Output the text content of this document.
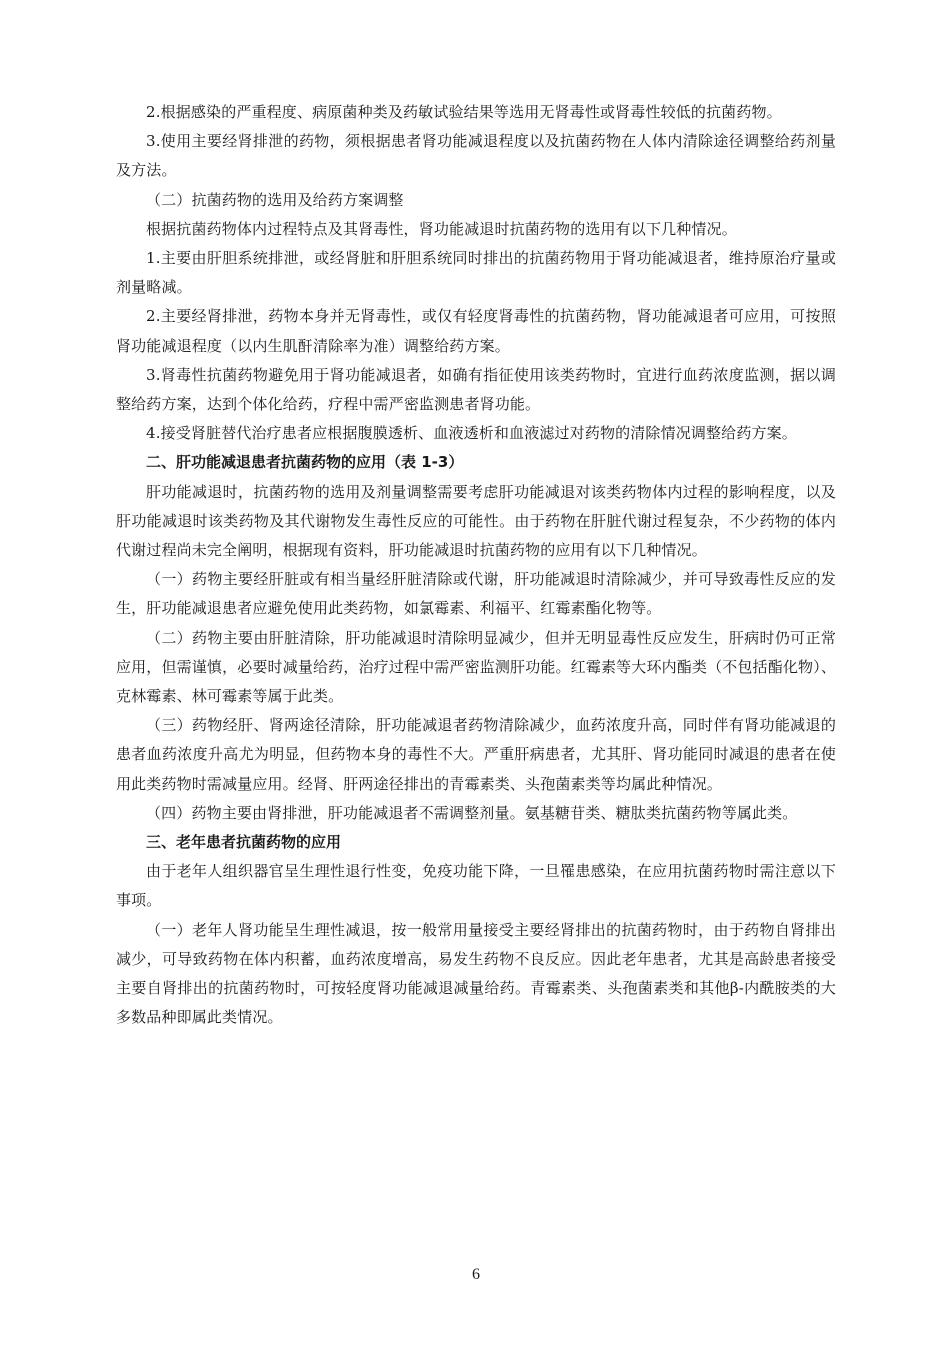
2.根据感染的严重程度、病原菌种类及药敏试验结果等选用无肾毒性或肾毒性较低的抗菌药物。

3.使用主要经肾排泄的药物，须根据患者肾功能减退程度以及抗菌药物在人体内清除途径调整给药剂量及方法。

（二）抗菌药物的选用及给药方案调整

根据抗菌药物体内过程特点及其肾毒性，肾功能减退时抗菌药物的选用有以下几种情况。

1.主要由肝胆系统排泄，或经肾脏和肝胆系统同时排出的抗菌药物用于肾功能减退者，维持原治疗量或剂量略减。

2.主要经肾排泄，药物本身并无肾毒性，或仅有轻度肾毒性的抗菌药物，肾功能减退者可应用，可按照肾功能减退程度（以内生肌酐清除率为准）调整给药方案。

3.肾毒性抗菌药物避免用于肾功能减退者，如确有指征使用该类药物时，宜进行血药浓度监测，据以调整给药方案，达到个体化给药，疗程中需严密监测患者肾功能。

4.接受肾脏替代治疗患者应根据腹膜透析、血液透析和血液滤过对药物的清除情况调整给药方案。

二、肝功能减退患者抗菌药物的应用（表 1-3）

肝功能减退时，抗菌药物的选用及剂量调整需要考虑肝功能减退对该类药物体内过程的影响程度，以及肝功能减退时该类药物及其代谢物发生毒性反应的可能性。由于药物在肝脏代谢过程复杂，不少药物的体内代谢过程尚未完全阐明，根据现有资料，肝功能减退时抗菌药物的应用有以下几种情况。

（一）药物主要经肝脏或有相当量经肝脏清除或代谢，肝功能减退时清除减少，并可导致毒性反应的发生，肝功能减退患者应避免使用此类药物，如氯霉素、利福平、红霉素酯化物等。

（二）药物主要由肝脏清除，肝功能减退时清除明显减少，但并无明显毒性反应发生，肝病时仍可正常应用，但需谨慎，必要时减量给药，治疗过程中需严密监测肝功能。红霉素等大环内酯类（不包括酯化物）、克林霉素、林可霉素等属于此类。

（三）药物经肝、肾两途径清除，肝功能减退者药物清除减少，血药浓度升高，同时伴有肾功能减退的患者血药浓度升高尤为明显，但药物本身的毒性不大。严重肝病患者，尤其肝、肾功能同时减退的患者在使用此类药物时需减量应用。经肾、肝两途径排出的青霉素类、头孢菌素类等均属此种情况。

（四）药物主要由肾排泄，肝功能减退者不需调整剂量。氨基糖苷类、糖肽类抗菌药物等属此类。

三、老年患者抗菌药物的应用

由于老年人组织器官呈生理性退行性变，免疫功能下降，一旦罹患感染，在应用抗菌药物时需注意以下事项。

（一）老年人肾功能呈生理性减退，按一般常用量接受主要经肾排出的抗菌药物时，由于药物自肾排出减少，可导致药物在体内积蓄，血药浓度增高，易发生药物不良反应。因此老年患者，尤其是高龄患者接受主要自肾排出的抗菌药物时，可按轻度肾功能减退减量给药。青霉素类、头孢菌素类和其他β-内酰胺类的大多数品种即属此类情况。

6
